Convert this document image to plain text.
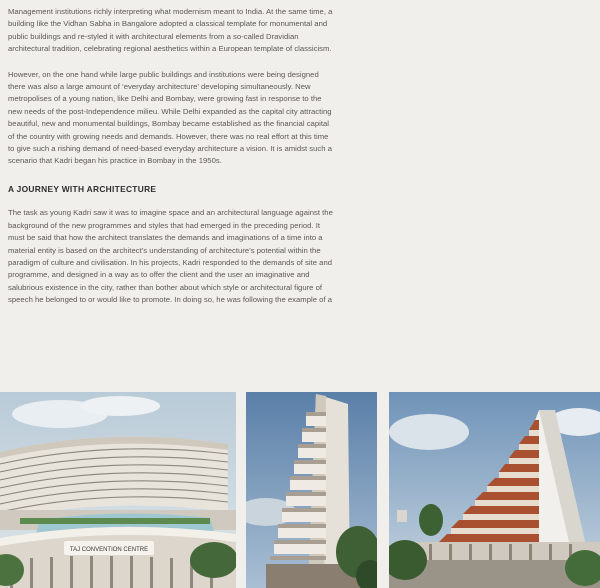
Management institutions richly interpreting what modernism meant to India. At the same time, a building like the Vidhan Sabha in Bangalore adopted a classical template for monumental and public buildings and re-styled it with architectural elements from a so-called Dravidian architectural tradition, celebrating regional aesthetics within a European template of classicism.

However, on the one hand while large public buildings and institutions were being designed there was also a large amount of ‘everyday architecture’ developing simultaneously. New metropolises of a young nation, like Delhi and Bombay, were growing fast in response to the new needs of the post-Independence milieu. While Delhi expanded as the capital city attracting beautiful, new and monumental buildings, Bombay became established as the financial capital of the country with growing needs and demands. However, there was no real effort at this time to give such a rishing demand of need-based everyday architecture a vision. It is amidst such a scenario that Kadri began his practice in Bombay in the 1950s.

A JOURNEY WITH ARCHITECTURE

The task as young Kadri saw it was to imagine space and an architectural language against the background of the new programmes and styles that had emerged in the preceding period. It must be said that how the architect translates the demands and imaginations of a time into a material entity is based on the architect’s understanding of architecture’s potential within the paradigm of culture and civilisation. In his projects, Kadri responded to the demands of site and programme, and designed in a way as to offer the client and the user an imaginative and salubrious existence in the city, rather than bother about which style or architectural figure of speech he belonged to or would like to promote. In doing so, he was following the example of a

TAJ CONVENTION CENTRE
